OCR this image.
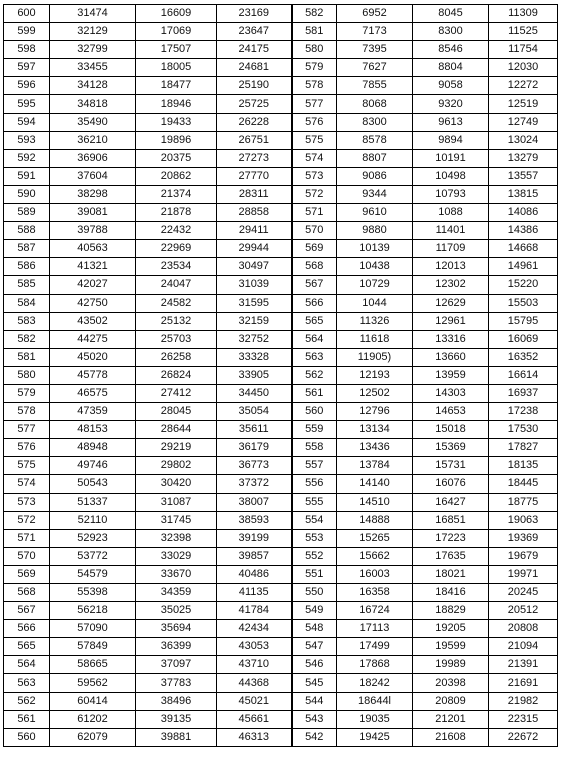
600	31474	16609	23169	582	6952	8045	11309
599	32129	17069	23647	581	7173	8300	11525
598	32799	17507	24175	580	7395	8546	11754
597	33455	18005	24681	579	7627	8804	12030
596	34128	18477	25190	578	7855	9058	12272
595	34818	18946	25725	577	8068	9320	12519
594	35490	19433	26228	576	8300	9613	12749
593	36210	19896	26751	575	8578	9894	13024
592	36906	20375	27273	574	8807	10191	13279
591	37604	20862	27770	573	9086	10498	13557
590	38298	21374	28311	572	9344	10793	13815
589	39081	21878	28858	571	9610	1088	14086
588	39788	22432	29411	570	9880	11401	14386
587	40563	22969	29944	569	10139	11709	14668
586	41321	23534	30497	568	10438	12013	14961
585	42027	24047	31039	567	10729	12302	15220
584	42750	24582	31595	566	1044	12629	15503
583	43502	25132	32159	565	11326	12961	15795
582	44275	25703	32752	564	11618	13316	16069
581	45020	26258	33328	563	11905)	13660	16352
580	45778	26824	33905	562	12193	13959	16614
579	46575	27412	34450	561	12502	14303	16937
578	47359	28045	35054	560	12796	14653	17238
577	48153	28644	35611	559	13134	15018	17530
576	48948	29219	36179	558	13436	15369	17827
575	49746	29802	36773	557	13784	15731	18135
574	50543	30420	37372	556	14140	16076	18445
573	51337	31087	38007	555	14510	16427	18775
572	52110	31745	38593	554	14888	16851	19063
571	52923	32398	39199	553	15265	17223	19369
570	53772	33029	39857	552	15662	17635	19679
569	54579	33670	40486	551	16003	18021	19971
568	55398	34359	41135	550	16358	18416	20245
567	56218	35025	41784	549	16724	18829	20512
566	57090	35694	42434	548	17113	19205	20808
565	57849	36399	43053	547	17499	19599	21094
564	58665	37097	43710	546	17868	19989	21391
563	59562	37783	44368	545	18242	20398	21691
562	60414	38496	45021	544	18644l	20809	21982
561	61202	39135	45661	543	19035	21201	22315
560	62079	39881	46313	542	19425	21608	22672
